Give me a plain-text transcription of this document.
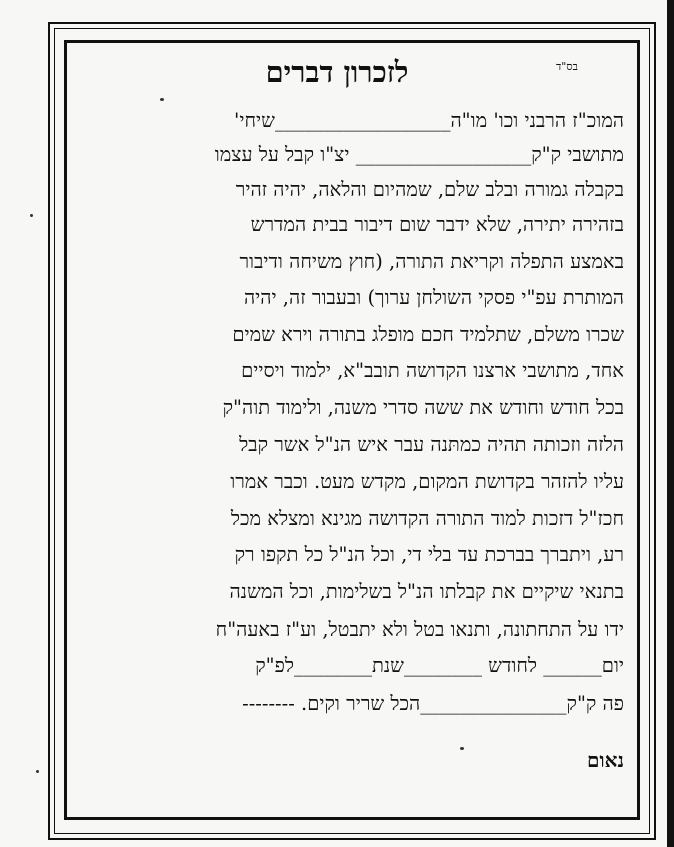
בס"ד
לזכרון דברים
המוכ"ז הרבני וכו' מו"ה__________________שיחי'
מתושבי ק"ק__________________ יצ"ו קבל על עצמו
בקבלה גמורה ובלב שלם, שמהיום והלאה, יהיה זהיר
בזהירה יתירה, שלא ידבר שום דיבור בבית המדרש
באמצע התפלה וקריאת התורה, (חוץ משיחה ודיבור
המותרת עפ"י פסקי השולחן ערוך) ובעבור זה, יהיה
שכרו משלם, שתלמיד חכם מופלג בתורה וירא שמים
אחד, מתושבי ארצנו הקדושה תובב"א, ילמוד ויסיים
בכל חודש וחודש את ששה סדרי משנה, ולימוד תוה"ק
הלזה וזכותה תהיה כמתּנה עבר איש הנ"ל אשר קבל
עליו להזהר בקדושת המקום, מקדש מעט. וכבר אמרו
חכז"ל דזכות למוד התורה הקדושה מגינא ומצלא מכל
רע, ויתברך בברכת עד בלי די, וכל הנ"ל כל תקפו רק
בתנאי שיקיים את קבלתו הנ"ל בשלימות, וכל המשנה
ידו על התחתונה, ותנאו בטל ולא יתבטל, וע"ז באעה"ח
יום______ לחודש ________שנת________לפ"ק
פה ק"ק_______________הכל שריר וקים. --------
נאום
